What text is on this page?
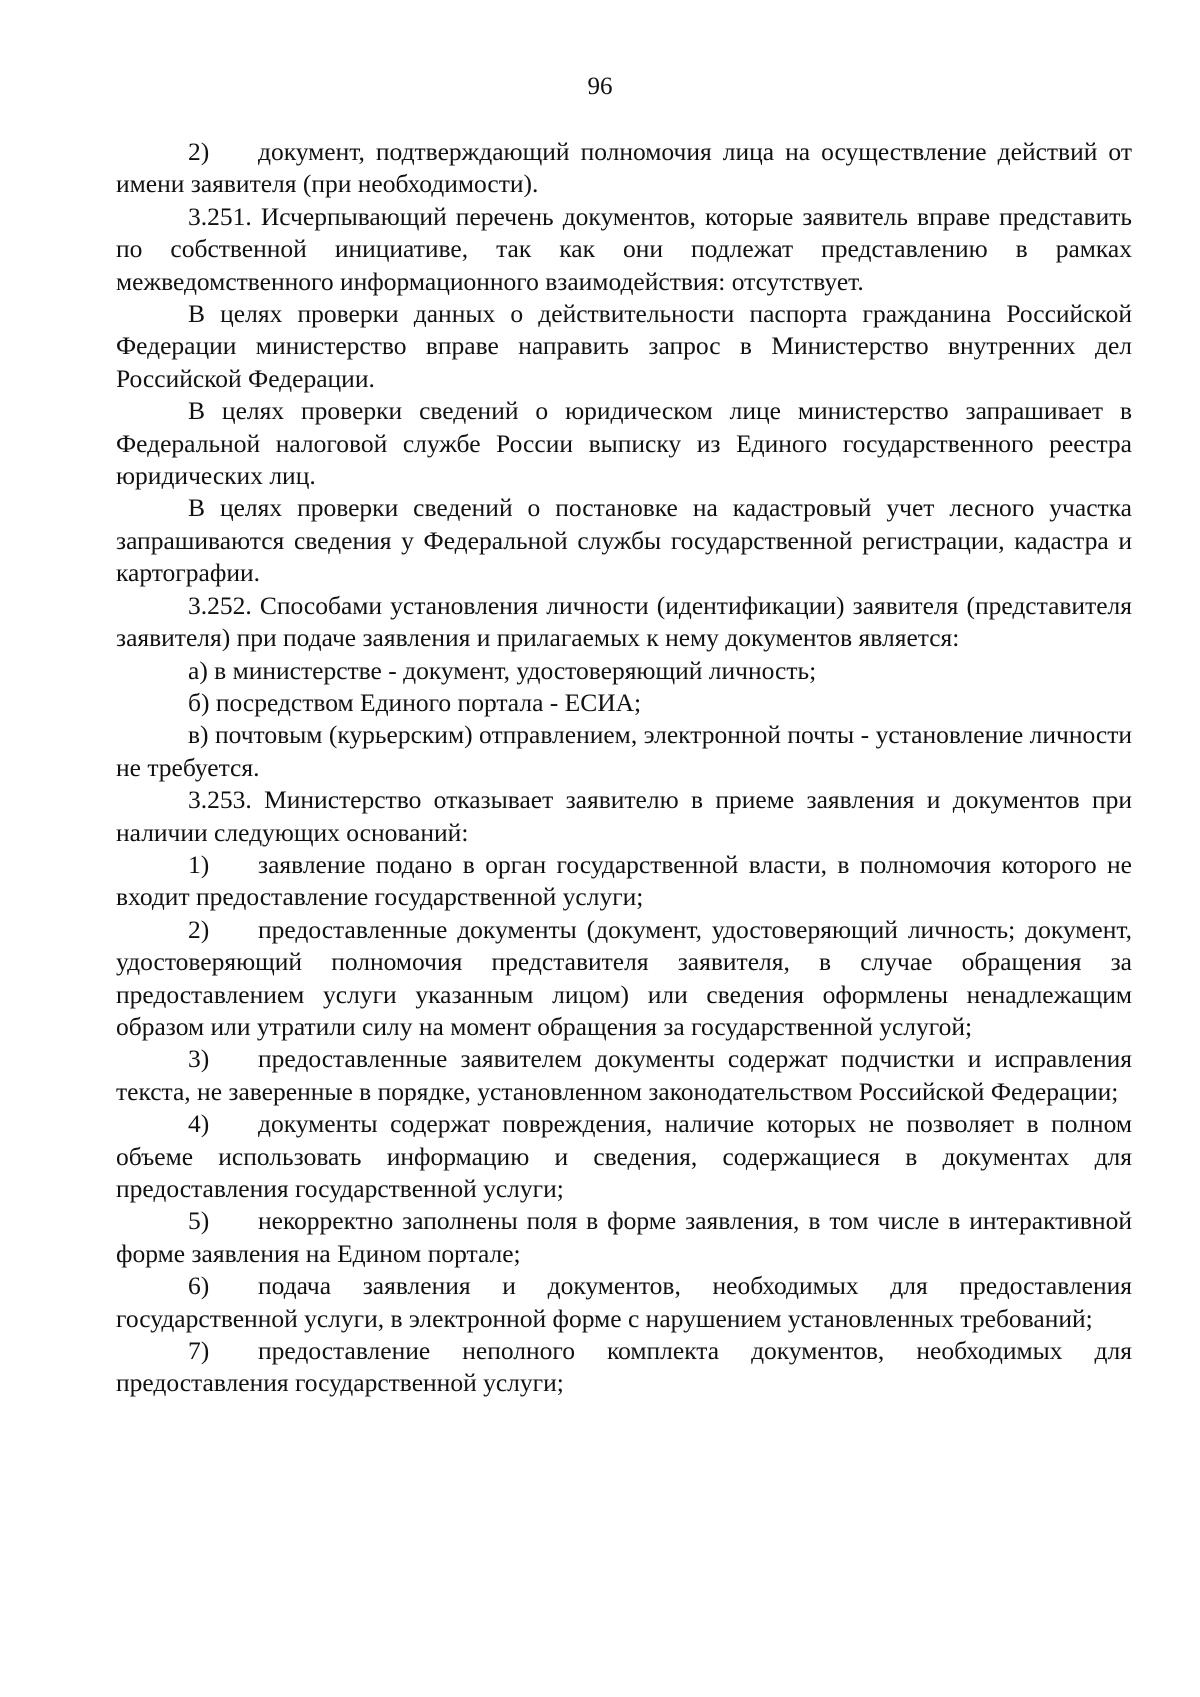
96

2) документ, подтверждающий полномочия лица на осуществление действий от имени заявителя (при необходимости).

3.251. Исчерпывающий перечень документов, которые заявитель вправе представить по собственной инициативе, так как они подлежат представлению в рамках межведомственного информационного взаимодействия: отсутствует.

В целях проверки данных о действительности паспорта гражданина Российской Федерации министерство вправе направить запрос в Министерство внутренних дел Российской Федерации.

В целях проверки сведений о юридическом лице министерство запрашивает в Федеральной налоговой службе России выписку из Единого государственного реестра юридических лиц.

В целях проверки сведений о постановке на кадастровый учет лесного участка запрашиваются сведения у Федеральной службы государственной регистрации, кадастра и картографии.

3.252. Способами установления личности (идентификации) заявителя (представителя заявителя) при подаче заявления и прилагаемых к нему документов является:

а) в министерстве - документ, удостоверяющий личность;

б) посредством Единого портала - ЕСИА;

в) почтовым (курьерским) отправлением, электронной почты - установление личности не требуется.

3.253. Министерство отказывает заявителю в приеме заявления и документов при наличии следующих оснований:

1) заявление подано в орган государственной власти, в полномочия которого не входит предоставление государственной услуги;

2) предоставленные документы (документ, удостоверяющий личность; документ, удостоверяющий полномочия представителя заявителя, в случае обращения за предоставлением услуги указанным лицом) или сведения оформлены ненадлежащим образом или утратили силу на момент обращения за государственной услугой;

3) предоставленные заявителем документы содержат подчистки и исправления текста, не заверенные в порядке, установленном законодательством Российской Федерации;

4) документы содержат повреждения, наличие которых не позволяет в полном объеме использовать информацию и сведения, содержащиеся в документах для предоставления государственной услуги;

5) некорректно заполнены поля в форме заявления, в том числе в интерактивной форме заявления на Едином портале;

6) подача заявления и документов, необходимых для предоставления государственной услуги, в электронной форме с нарушением установленных требований;

7) предоставление неполного комплекта документов, необходимых для предоставления государственной услуги;
